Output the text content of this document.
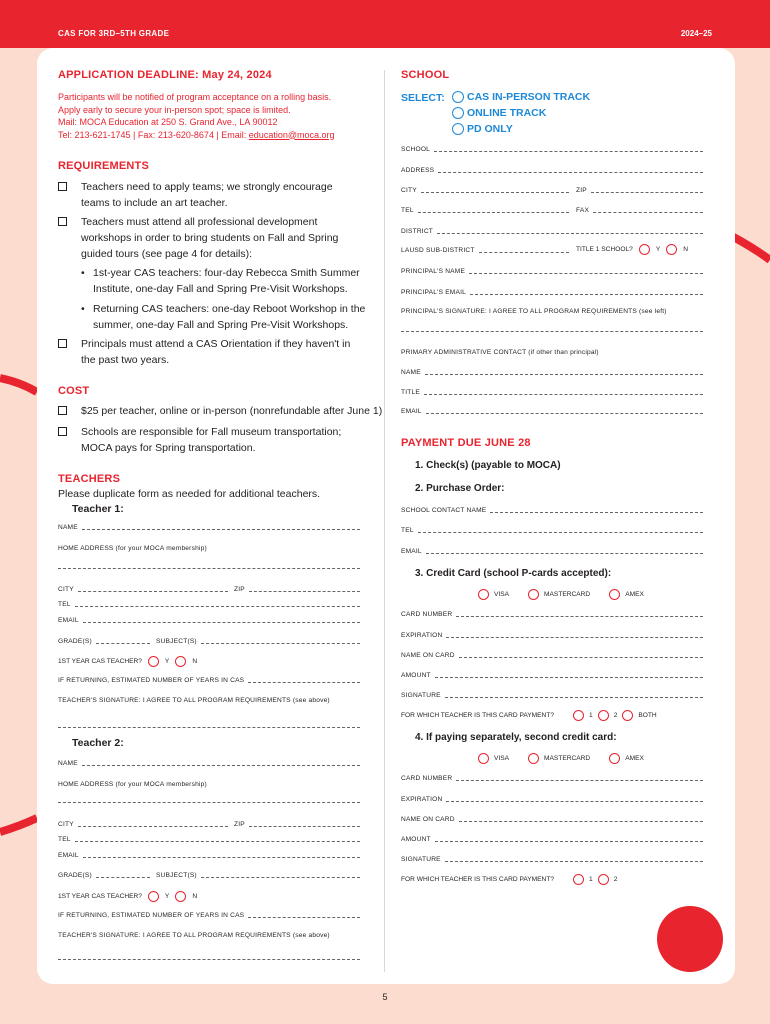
CAS FOR 3RD–5TH GRADE	2024–25
APPLICATION DEADLINE: May 24, 2024
Participants will be notified of program acceptance on a rolling basis.
Apply early to secure your in-person spot; space is limited.
Mail: MOCA Education at 250 S. Grand Ave., LA 90012
Tel: 213-621-1745 | Fax: 213-620-8674 | Email: education@moca.org
REQUIREMENTS
Teachers need to apply teams; we strongly encourage teams to include an art teacher.
Teachers must attend all professional development workshops in order to bring students on Fall and Spring guided tours (see page 4 for details):
• 1st-year CAS teachers: four-day Rebecca Smith Summer Institute, one-day Fall and Spring Pre-Visit Workshops.
• Returning CAS teachers: one-day Reboot Workshop in the summer, one-day Fall and Spring Pre-Visit Workshops.
Principals must attend a CAS Orientation if they haven't in the past two years.
COST
$25 per teacher, online or in-person (nonrefundable after June 1)
Schools are responsible for Fall museum transportation; MOCA pays for Spring transportation.
TEACHERS
Please duplicate form as needed for additional teachers.
Teacher 1:
NAME
HOME ADDRESS (for your MOCA membership)
CITY	ZIP
TEL
EMAIL
GRADE(S)	SUBJECT(S)
1ST YEAR CAS TEACHER?	Y	N
IF RETURNING, ESTIMATED NUMBER OF YEARS IN CAS
TEACHER'S SIGNATURE: I AGREE TO ALL PROGRAM REQUIREMENTS (see above)
Teacher 2:
NAME
HOME ADDRESS (for your MOCA membership)
CITY	ZIP
TEL
EMAIL
GRADE(S)	SUBJECT(S)
1ST YEAR CAS TEACHER?	Y	N
IF RETURNING, ESTIMATED NUMBER OF YEARS IN CAS
TEACHER'S SIGNATURE: I AGREE TO ALL PROGRAM REQUIREMENTS (see above)
SCHOOL
SELECT: CAS IN-PERSON TRACK
ONLINE TRACK
PD ONLY
SCHOOL
ADDRESS
CITY	ZIP
TEL	FAX
DISTRICT
LAUSD SUB-DISTRICT	TITLE 1 SCHOOL?	Y	N
PRINCIPAL'S NAME
PRINCIPAL'S EMAIL
PRINCIPAL'S SIGNATURE: I AGREE TO ALL PROGRAM REQUIREMENTS (see left)
PRIMARY ADMINISTRATIVE CONTACT (if other than principal)
NAME
TITLE
EMAIL
PAYMENT DUE JUNE 28
1. Check(s) (payable to MOCA)
2. Purchase Order:
SCHOOL CONTACT NAME
TEL
EMAIL
3. Credit Card (school P-cards accepted):
VISA	MASTERCARD	AMEX
CARD NUMBER
EXPIRATION
NAME ON CARD
AMOUNT
SIGNATURE
FOR WHICH TEACHER IS THIS CARD PAYMENT?	1	2	BOTH
4. If paying separately, second credit card:
VISA	MASTERCARD	AMEX
CARD NUMBER
EXPIRATION
NAME ON CARD
AMOUNT
SIGNATURE
FOR WHICH TEACHER IS THIS CARD PAYMENT?	1	2
5
